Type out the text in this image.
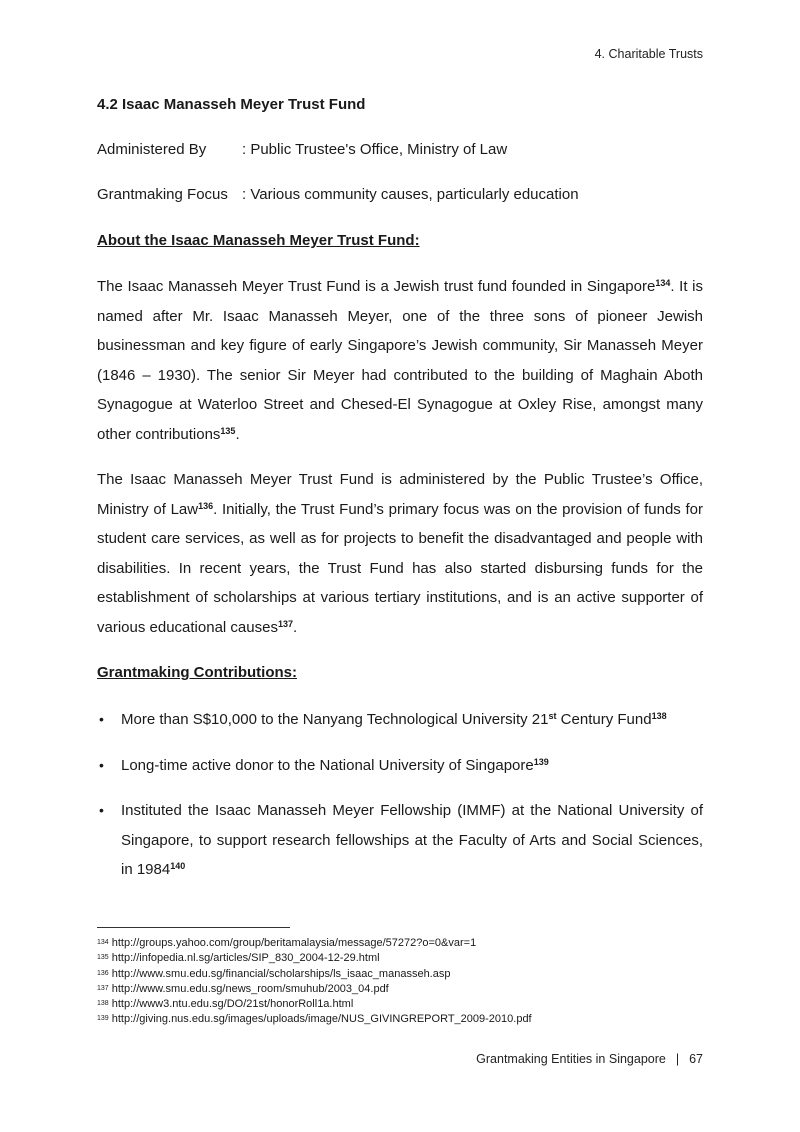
4. Charitable Trusts
4.2 Isaac Manasseh Meyer Trust Fund
Administered By : Public Trustee's Office, Ministry of Law
Grantmaking Focus : Various community causes, particularly education
About the Isaac Manasseh Meyer Trust Fund:

The Isaac Manasseh Meyer Trust Fund is a Jewish trust fund founded in Singapore$^{134}$. It is named after Mr. Isaac Manasseh Meyer, one of the three sons of pioneer Jewish businessman and key figure of early Singapore’s Jewish community, Sir Manasseh Meyer (1846 – 1930). The senior Sir Meyer had contributed to the building of Maghain Aboth Synagogue at Waterloo Street and Chesed-El Synagogue at Oxley Rise, amongst many other contributions$^{135}$.

The Isaac Manasseh Meyer Trust Fund is administered by the Public Trustee’s Office, Ministry of Law$^{136}$. Initially, the Trust Fund’s primary focus was on the provision of funds for student care services, as well as for projects to benefit the disadvantaged and people with disabilities. In recent years, the Trust Fund has also started disbursing funds for the establishment of scholarships at various tertiary institutions, and is an active supporter of various educational causes$^{137}$.

Grantmaking Contributions:
• More than S$10,000 to the Nanyang Technological University 21st Century Fund$^{138}$
• Long-time active donor to the National University of Singapore$^{139}$
• Instituted the Isaac Manasseh Meyer Fellowship (IMMF) at the National University of Singapore, to support research fellowships at the Faculty of Arts and Social Sciences, in 1984$^{140}$
$^{134}$ http://groups.yahoo.com/group/beritamalaysia/message/57272?o=0&var=1
$^{135}$ http://infopedia.nl.sg/articles/SIP_830_2004-12-29.html
$^{136}$ http://www.smu.edu.sg/financial/scholarships/ls_isaac_manasseh.asp
$^{137}$ http://www.smu.edu.sg/news_room/smuhub/2003_04.pdf
$^{138}$ http://www3.ntu.edu.sg/DO/21st/honorRoll1a.html
$^{139}$ http://giving.nus.edu.sg/images/uploads/image/NUS_GIVINGREPORT_2009-2010.pdf
Grantmaking Entities in Singapore | 67
